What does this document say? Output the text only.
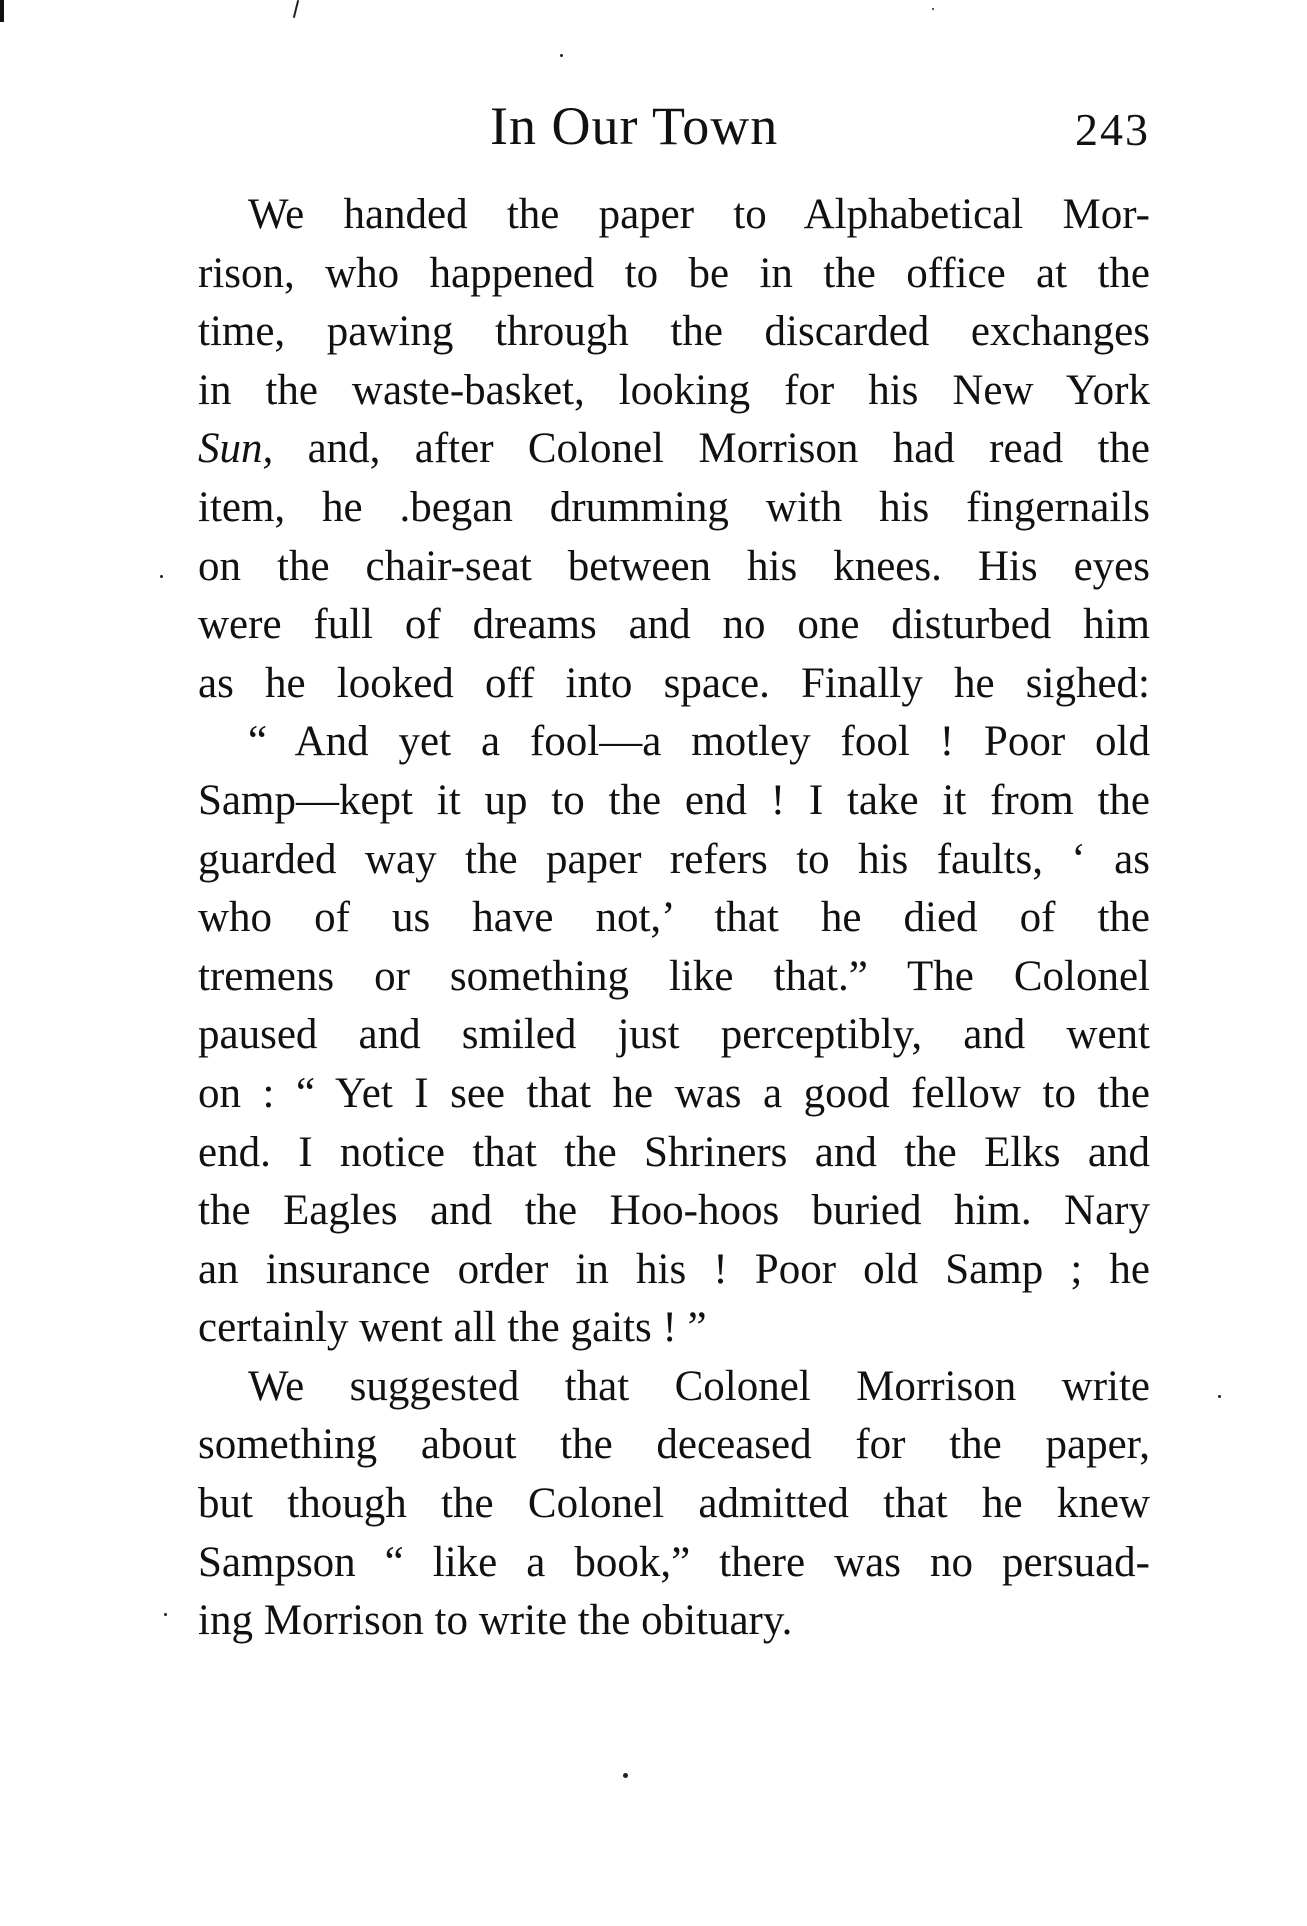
In Our Town	243
We handed the paper to Alphabetical Mor-
rison, who happened to be in the office at the
time, pawing through the discarded exchanges
in the waste-basket, looking for his New York
Sun, and, after Colonel Morrison had read the
item, he .began drumming with his fingernails
on the chair-seat between his knees. His eyes
were full of dreams and no one disturbed him
as he looked off into space. Finally he sighed:
“ And yet a fool—a motley fool ! Poor old
Samp—kept it up to the end ! I take it from the
guarded way the paper refers to his faults, ‘ as
who of us have not,’ that he died of the
tremens or something like that.” The Colonel
paused and smiled just perceptibly, and went
on : “ Yet I see that he was a good fellow to the
end. I notice that the Shriners and the Elks and
the Eagles and the Hoo-hoos buried him. Nary
an insurance order in his ! Poor old Samp ; he
certainly went all the gaits ! ”
We suggested that Colonel Morrison write
something about the deceased for the paper,
but though the Colonel admitted that he knew
Sampson “ like a book,” there was no persuad-
ing Morrison to write the obituary.
